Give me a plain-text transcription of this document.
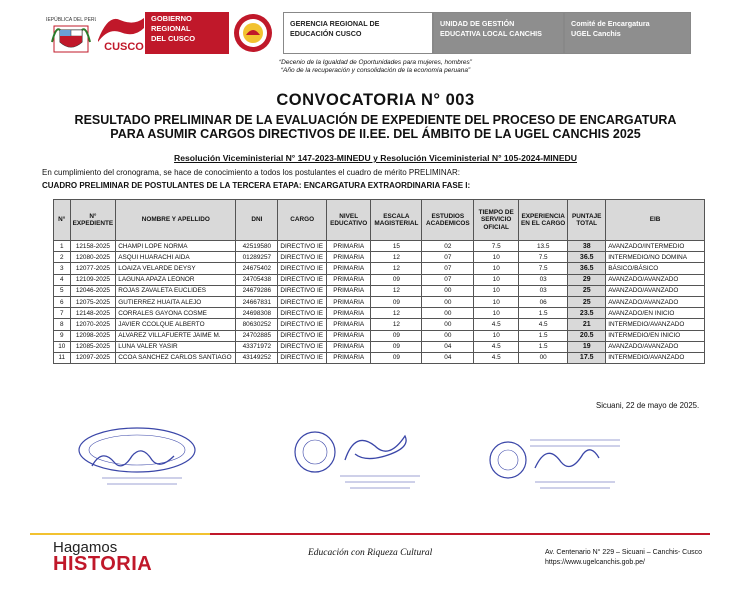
REPÚBLICA DEL PERÚ
CUSCO
GOBIERNO
REGIONAL
DEL CUSCO
GERENCIA REGIONAL DE
EDUCACIÓN CUSCO
UNIDAD DE GESTIÓN
EDUCATIVA LOCAL CANCHIS
Comité de Encargatura
UGEL Canchis
“Decenio de la Igualdad de Oportunidades para mujeres, hombres”
“Año de la recuperación y consolidación de la economía peruana”
CONVOCATORIA N° 003
RESULTADO PRELIMINAR DE LA EVALUACIÓN DE EXPEDIENTE DEL PROCESO DE ENCARGATURA
PARA ASUMIR CARGOS DIRECTIVOS DE II.EE. DEL ÁMBITO DE LA UGEL CANCHIS 2025
Resolución Viceministerial N° 147-2023-MINEDU y Resolución Viceministerial N° 105-2024-MINEDU
En cumplimiento del cronograma, se hace de conocimiento a todos los postulantes el cuadro de mérito PRELIMINAR:
CUADRO PRELIMINAR DE POSTULANTES DE LA TERCERA ETAPA: ENCARGATURA EXTRAORDINARIA FASE I:
N°	N° EXPEDIENTE	NOMBRE Y APELLIDO	DNI	CARGO	NIVEL EDUCATIVO	ESCALA MAGISTERIAL	ESTUDIOS ACADEMICOS	TIEMPO DE SERVICIO OFICIAL	EXPERIENCIA EN EL CARGO	PUNTAJE TOTAL	EIB
1	12158-2025	CHAMPI LOPE NORMA	42519580	DIRECTIVO IE	PRIMARIA	15	02	7.5	13.5	38	AVANZADO/INTERMEDIO
2	12080-2025	ASQUI HUARACHI AIDA	01289257	DIRECTIVO IE	PRIMARIA	12	07	10	7.5	36.5	INTERMEDIO/NO DOMINA
3	12077-2025	LOAIZA VELARDE DEYSY	24675402	DIRECTIVO IE	PRIMARIA	12	07	10	7.5	36.5	BÁSICO/BÁSICO
4	12109-2025	LAGUNA APAZA LEONOR	24705438	DIRECTIVO IE	PRIMARIA	09	07	10	03	29	AVANZADO/AVANZADO
5	12046-2025	ROJAS ZAVALETA EUCLIDES	24679286	DIRECTIVO IE	PRIMARIA	12	00	10	03	25	AVANZADO/AVANZADO
6	12075-2025	GUTIERREZ HUAITA ALEJO	24667831	DIRECTIVO IE	PRIMARIA	09	00	10	06	25	AVANZADO/AVANZADO
7	12148-2025	CORRALES GAYONA COSME	24698308	DIRECTIVO IE	PRIMARIA	12	00	10	1.5	23.5	AVANZADO/EN INICIO
8	12070-2025	JAVIER CCOLQUE ALBERTO	80630252	DIRECTIVO IE	PRIMARIA	12	00	4.5	4.5	21	INTERMEDIO/AVANZADO
9	12098-2025	ALVAREZ VILLAFUERTE JAIME M.	24702885	DIRECTIVO IE	PRIMARIA	09	00	10	1.5	20.5	INTERMEDIO/EN INICIO
10	12085-2025	LUNA VALER YASIR	43371972	DIRECTIVO IE	PRIMARIA	09	04	4.5	1.5	19	AVANZADO/AVANZADO
11	12097-2025	CCOA SANCHEZ CARLOS SANTIAGO	43149252	DIRECTIVO IE	PRIMARIA	09	04	4.5	00	17.5	INTERMEDIO/AVANZADO
Sicuani, 22 de mayo de 2025.
Hagamos
HISTORIA	Educación con Riqueza Cultural	Av. Centenario N° 229 – Sicuani – Canchis- Cusco
https://www.ugelcanchis.gob.pe/
